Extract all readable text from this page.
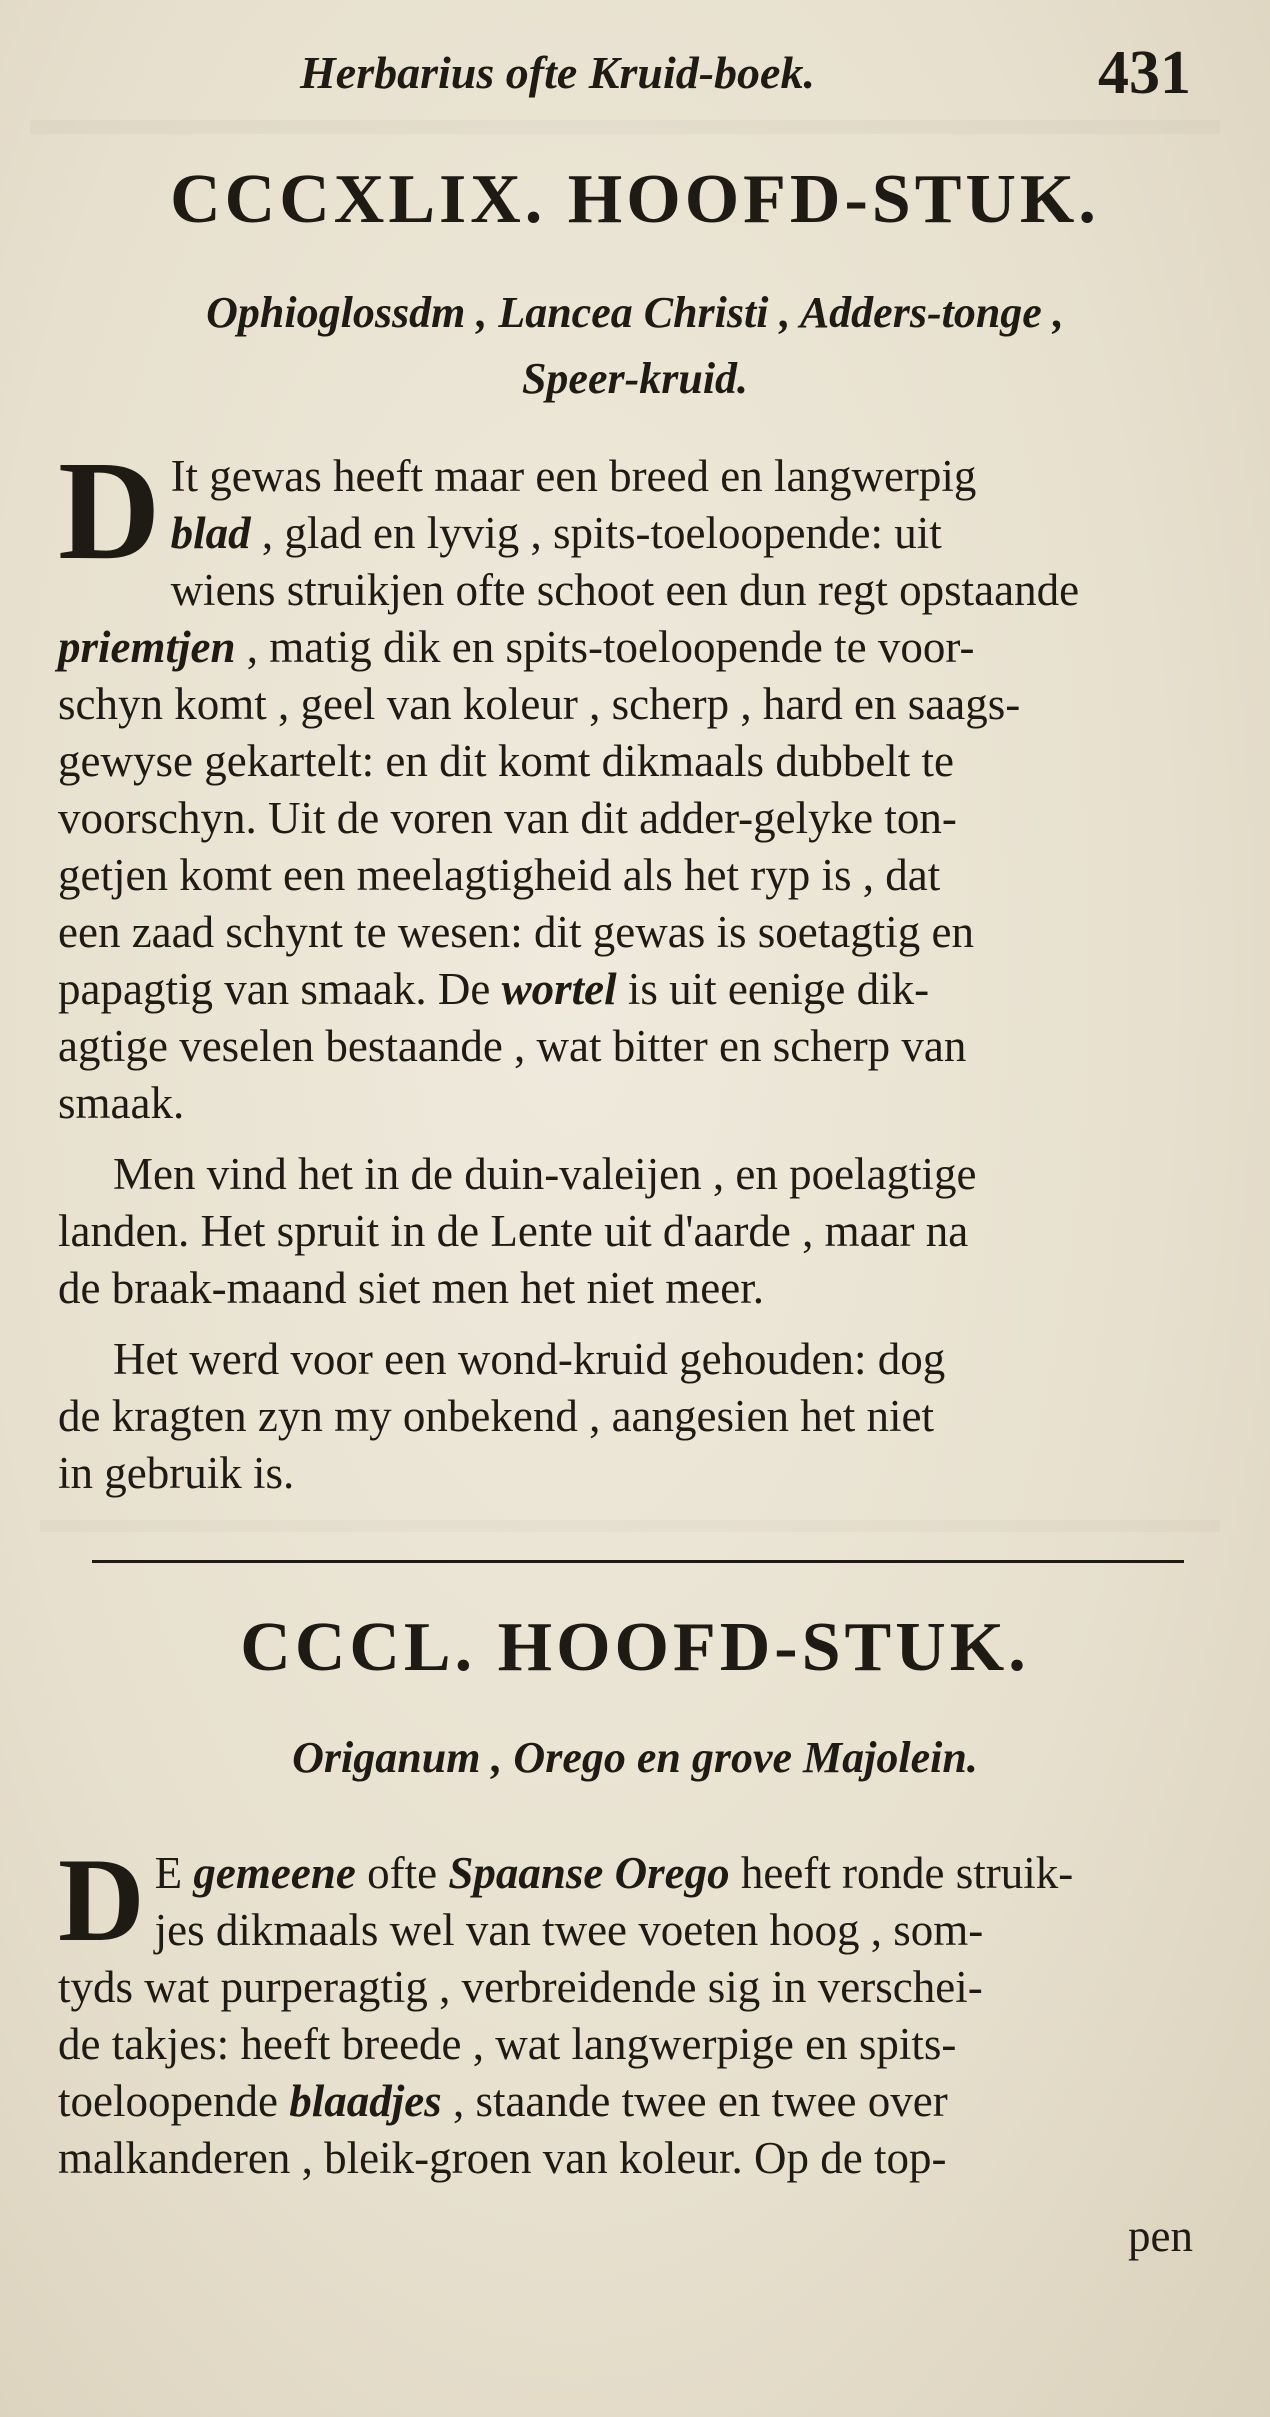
Herbarius ofte Kruid-boek.	431
CCCXLIX. HOOFD-STUK.
Ophioglossdm , Lancea Christi , Adders-tonge ,
Speer-kruid.

D It gewas heeft maar een breed en langwerpig
blad , glad en lyvig , spits-toeloopende: uit
wiens struikjen ofte schoot een dun regt opstaande
priemtjen , matig dik en spits-toeloopende te voor-
schyn komt , geel van koleur , scherp , hard en saags-
gewyse gekartelt: en dit komt dikmaals dubbelt te
voorschyn. Uit de voren van dit adder-gelyke ton-
getjen komt een meelagtigheid als het ryp is , dat
een zaad schynt te wesen: dit gewas is soetagtig en
papagtig van smaak. De wortel is uit eenige dik-
agtige veselen bestaande , wat bitter en scherp van
smaak.

Men vind het in de duin-valeijen , en poelagtige
landen. Het spruit in de Lente uit d'aarde , maar na
de braak-maand siet men het niet meer.

Het werd voor een wond-kruid gehouden: dog
de kragten zyn my onbekend , aangesien het niet
in gebruik is.

CCCL. HOOFD-STUK.
Origanum , Orego en grove Majolein.

D E gemeene ofte Spaanse Orego heeft ronde struik-
jes dikmaals wel van twee voeten hoog , som-
tyds wat purperagtig , verbreidende sig in verschei-
de takjes: heeft breede , wat langwerpige en spits-
toeloopende blaadjes , staande twee en twee over
malkanderen , bleik-groen van koleur. Op de top-

pen
